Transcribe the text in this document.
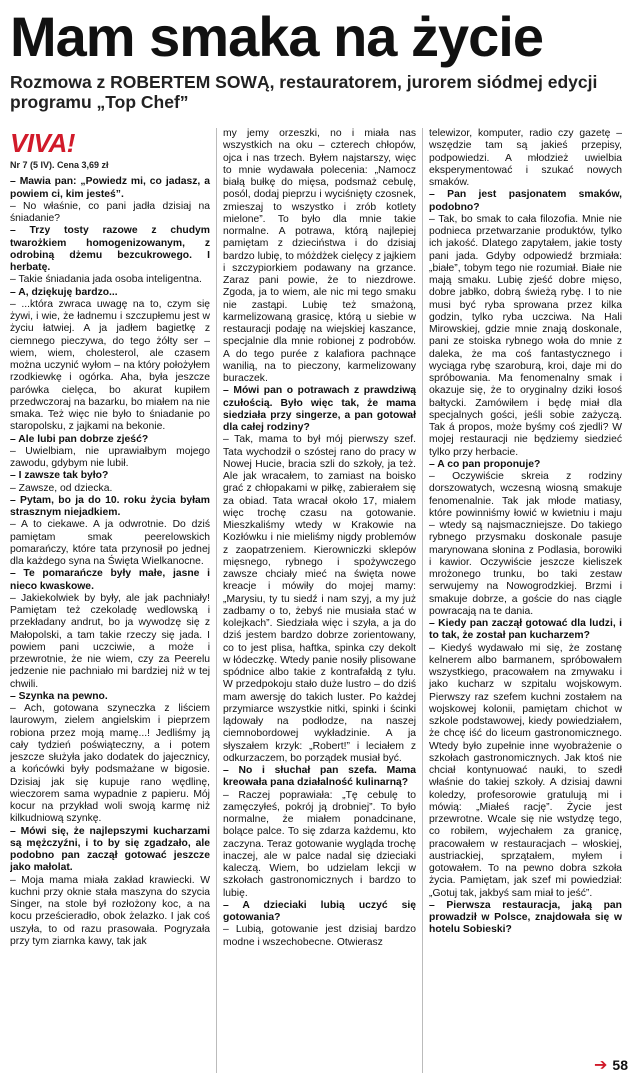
Mam smaka na życie
Rozmowa z ROBERTEM SOWĄ, restauratorem, jurorem siódmej edycji programu „Top Chef”
VIVA!
Nr 7 (5 IV). Cena 3,69 zł

– Mawia pan: „Powiedz mi, co jadasz, a powiem ci, kim jesteś”.

– No właśnie, co pani jadła dzisiaj na śniadanie?

– Trzy tosty razowe z chudym twarożkiem homogenizowanym, z odrobiną dżemu bezcukrowego. I herbatę.

– Takie śniadania jada osoba inteligentna.

– A, dziękuję bardzo...

– ...która zwraca uwagę na to, czym się żywi, i wie, że ładnemu i szczupłemu jest w życiu łatwiej. A ja jadłem bagietkę z ciemnego pieczywa, do tego żółty ser – wiem, wiem, cholesterol, ale czasem można uczynić wyłom – na który położyłem rzodkiewkę i ogórka. Aha, była jeszcze parówka cielęca, bo akurat kupiłem przedwczoraj na bazarku, bo miałem na nie smaka. Też więc nie było to śniadanie po staropolsku, z jajkami na bekonie.

– Ale lubi pan dobrze zjeść?

– Uwielbiam, nie uprawiałbym mojego zawodu, gdybym nie lubił.

– I zawsze tak było?

– Zawsze, od dziecka.

– Pytam, bo ja do 10. roku życia byłam strasznym niejadkiem.

– A to ciekawe. A ja odwrotnie. Do dziś pamiętam smak peerelowskich pomarańczy, które tata przynosił po jednej dla każdego syna na Święta Wielkanocne.

– Te pomarańcze były małe, jasne i nieco kwaskowe.

– Jakiekolwiek by były, ale jak pachniały! Pamiętam też czekoladę wedlowską i przekładany andrut, bo ja wywodzę się z Małopolski, a tam takie rzeczy się jada. I powiem pani uczciwie, a może i przewrotnie, że nie wiem, czy za Peerelu jedzenie nie pachniało mi bardziej niż w tej chwili.

– Szynka na pewno.

– Ach, gotowana szyneczka z liściem laurowym, zielem angielskim i pieprzem robiona przez moją mamę...! Jedliśmy ją cały tydzień poświąteczny, a i potem jeszcze służyła jako dodatek do jajecznicy, a końcówki były podsmażane w bigosie. Dzisiaj jak się kupuje rano wędlinę, wieczorem sama wypadnie z papieru. Mój kocur na przykład woli swoją karmę niż kilkudniową szynkę.

– Mówi się, że najlepszymi kucharzami są mężczyźni, i to by się zgadzało, ale podobno pan zaczął gotować jeszcze jako małolat.

– Moja mama miała zakład krawiecki. W kuchni przy oknie stała maszyna do szycia Singer, na stole był rozłożony koc, a na kocu prześcieradło, obok żelazko. I jak coś uszyła, to od razu prasowała. Pogryzała przy tym ziarnka kawy, tak jak

my jemy orzeszki, no i miała nas wszystkich na oku – czterech chłopów, ojca i nas trzech. Byłem najstarszy, więc to mnie wydawała polecenia: „Namocz białą bułkę do mięsa, podsmaż cebulę, posól, dodaj pieprzu i wyciśnięty czosnek, zmieszaj to wszystko i zrób kotlety mielone”. To było dla mnie takie normalne. A potrawa, którą najlepiej pamiętam z dzieciństwa i do dzisiaj bardzo lubię, to móżdżek cielęcy z jajkiem i szczypiorkiem podawany na grzance. Zaraz pani powie, że to niezdrowe. Zgoda, ja to wiem, ale nic mi tego smaku nie zastąpi. Lubię też smażoną, karmelizowaną grasicę, którą u siebie w restauracji podaję na wiejskiej kaszance, specjalnie dla mnie robionej z podrobów. A do tego purée z kalafiora pachnące wanilią, na to pieczony, karmelizowany buraczek.

– Mówi pan o potrawach z prawdziwą czułością. Było więc tak, że mama siedziała przy singerze, a pan gotował dla całej rodziny?

– Tak, mama to był mój pierwszy szef. Tata wychodził o szóstej rano do pracy w Nowej Hucie, bracia szli do szkoły, ja też. Ale jak wracałem, to zamiast na boisko grać z chłopakami w piłkę, zabierałem się za obiad. Tata wracał około 17, miałem więc trochę czasu na gotowanie. Mieszkaliśmy wtedy w Krakowie na Kozłówku i nie mieliśmy nigdy problemów z zaopatrzeniem. Kierowniczki sklepów mięsnego, rybnego i spożywczego zawsze chciały mieć na święta nowe kreacje i mówiły do mojej mamy: „Marysiu, ty tu siedź i nam szyj, a my już zadbamy o to, żebyś nie musiała stać w kolejkach”. Siedziała więc i szyła, a ja do dziś jestem bardzo dobrze zorientowany, co to jest plisa, haftka, spinka czy dekolt w łódeczkę. Wtedy panie nosiły plisowane spódnice albo takie z kontrafałdą z tyłu. W przedpokoju stało duże lustro – do dziś mam awersję do takich luster. Po każdej przymiarce wszystkie nitki, spinki i ścinki lądowały na podłodze, na naszej ciemnobordowej wykładzinie. A ja słyszałem krzyk: „Robert!” i leciałem z odkurzaczem, bo porządek musiał być.

– No i słuchał pan szefa. Mama kreowała pana działalność kulinarną?

– Raczej poprawiała: „Tę cebulę to zamęczyłeś, pokrój ją drobniej”. To było normalne, że miałem ponadcinane, bolące palce. To się zdarza każdemu, kto zaczyna. Teraz gotowanie wygląda trochę inaczej, ale w palce nadal się dzieciaki kaleczą. Wiem, bo udzielam lekcji w szkołach gastronomicznych i bardzo to lubię.

– A dzieciaki lubią uczyć się gotowania?

– Lubią, gotowanie jest dzisiaj bardzo modne i wszechobecne. Otwierasz

telewizor, komputer, radio czy gazetę – wszędzie tam są jakieś przepisy, podpowiedzi. A młodzież uwielbia eksperymentować i szukać nowych smaków.

– Pan jest pasjonatem smaków, podobno?

– Tak, bo smak to cała filozofia. Mnie nie podnieca przetwarzanie produktów, tylko ich jakość. Dlatego zapytałem, jakie tosty pani jada. Gdyby odpowiedź brzmiała: „białe”, tobym tego nie rozumiał. Białe nie mają smaku. Lubię zjeść dobre mięso, dobre jabłko, dobrą świeżą rybę. I to nie musi być ryba sprowana przez kilka godzin, tylko ryba uczciwa. Na Hali Mirowskiej, gdzie mnie znają doskonale, pani ze stoiska rybnego woła do mnie z daleka, że ma coś fantastycznego i wyciąga rybę szaroburą, kroi, daje mi do spróbowania. Ma fenomenalny smak i okazuje się, że to oryginalny dziki łosoś bałtycki. Zamówiłem i będę miał dla specjalnych gości, jeśli sobie zażyczą. Tak á propos, może byśmy coś zjedli? W mojej restauracji nie będziemy siedzieć tylko przy herbacie.

– A co pan proponuje?

– Oczywiście skreia z rodziny dorszowatych, wczesną wiosną smakuje fenomenalnie. Tak jak młode matiasy, które powinniśmy łowić w kwietniu i maju – wtedy są najsmaczniejsze. Do takiego rybnego przysmaku doskonale pasuje marynowana słonina z Podlasia, borowiki i kawior. Oczywiście jeszcze kieliszek mrożonego trunku, bo taki zestaw serwujemy na Nowogrodzkiej. Brzmi i smakuje dobrze, a goście do nas ciągle powracają na te dania.

– Kiedy pan zaczął gotować dla ludzi, i to tak, że został pan kucharzem?

– Kiedyś wydawało mi się, że zostanę kelnerem albo barmanem, spróbowałem wszystkiego, pracowałem na zmywaku i jako kucharz w szpitalu wojskowym. Pierwszy raz szefem kuchni zostałem na wojskowej kolonii, pamiętam chichot w szkole podstawowej, kiedy powiedziałem, że chcę iść do liceum gastronomicznego. Wtedy było zupełnie inne wyobrażenie o szkołach gastronomicznych. Jak ktoś nie chciał kontynuować nauki, to szedł właśnie do takiej szkoły. A dzisiaj dawni koledzy, profesorowie gratulują mi i mówią: „Miałeś rację”. Życie jest przewrotne. Wcale się nie wstydzę tego, co robiłem, wyjechałem za granicę, pracowałem w restauracjach – włoskiej, austriackiej, sprzątałem, myłem i gotowałem. To na pewno dobra szkoła życia. Pamiętam, jak szef mi powiedział: „Gotuj tak, jakbyś sam miał to jeść”.

– Pierwsza restauracja, jaką pan prowadził w Polsce, znajdowała się w hotelu Sobieski?

➔ 58
